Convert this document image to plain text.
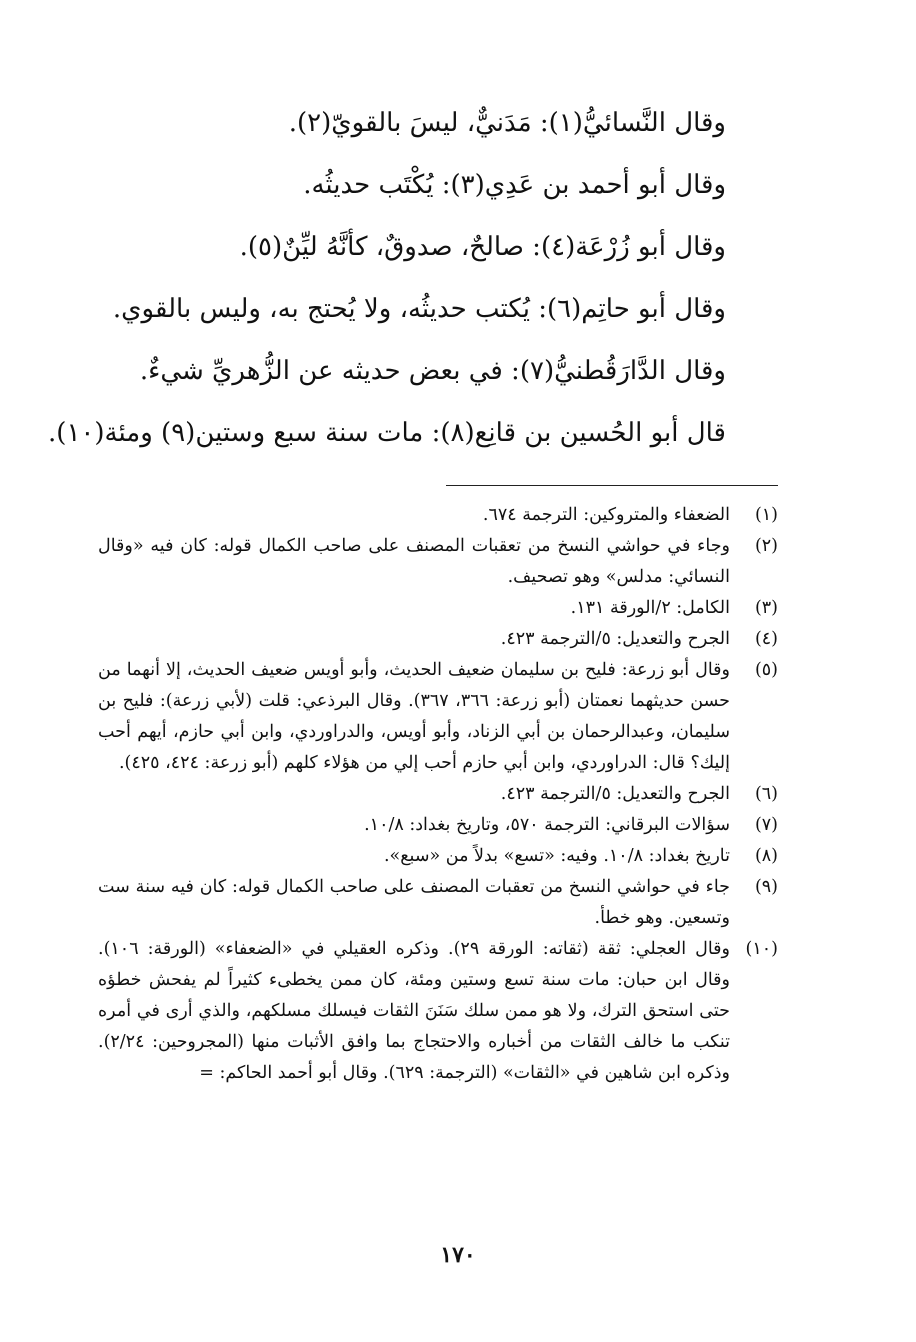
وقال النَّسائيُّ‏(١)‏: مَدَنيٌّ، ليسَ بالقويّ‏(٢)‏.

وقال أبو أحمد بن عَدِي‏(٣)‏: يُكْتَب حديثُه.

وقال أبو زُرْعَة‏(٤)‏: صالحٌ، صدوقٌ، كأنَّهُ ليِّنٌ‏(٥)‏.

وقال أبو حاتِم‏(٦)‏: يُكتب حديثُه، ولا يُحتج به، وليس بالقوي.

وقال الدَّارَقُطنيُّ‏(٧)‏: في بعض حديثه عن الزُّهريِّ شيءٌ.

قال أبو الحُسين بن قانِع‏(٨)‏: مات سنة سبع وستين‏(٩)‏ ومئة‏(١٠)‏.

(١)
الضعفاء والمتروكين: الترجمة ٦٧٤.
(٢)
وجاء في حواشي النسخ من تعقبات المصنف على صاحب الكمال قوله: كان فيه «وقال النسائي: مدلس» وهو تصحيف.
(٣)
الكامل: ٢/الورقة ١٣١.
(٤)
الجرح والتعديل: ٥/الترجمة ٤٢٣.
(٥)
وقال أبو زرعة: فليح بن سليمان ضعيف الحديث، وأبو أويس ضعيف الحديث، إلا أنهما من حسن حديثهما نعمتان (أبو زرعة: ٣٦٦، ٣٦٧). وقال البرذعي: قلت (لأبي زرعة): فليح بن سليمان، وعبدالرحمان بن أبي الزناد، وأبو أويس، والدراوردي، وابن أبي حازم، أيهم أحب إليك؟ قال: الدراوردي، وابن أبي حازم أحب إلي من هؤلاء كلهم (أبو زرعة: ٤٢٤، ٤٢٥).
(٦)
الجرح والتعديل: ٥/الترجمة ٤٢٣.
(٧)
سؤالات البرقاني: الترجمة ٥٧٠، وتاريخ بغداد: ١٠/٨.
(٨)
تاريخ بغداد: ١٠/٨. وفيه: «تسع» بدلاً من «سبع».
(٩)
جاء في حواشي النسخ من تعقبات المصنف على صاحب الكمال قوله: كان فيه سنة ست وتسعين. وهو خطأ.
(١٠)
وقال العجلي: ثقة (ثقاته: الورقة ٢٩). وذكره العقيلي في «الضعفاء» (الورقة: ١٠٦). وقال ابن حبان: مات سنة تسع وستين ومئة، كان ممن يخطىء كثيراً لم يفحش خطؤه حتى استحق الترك، ولا هو ممن سلك سَنَنَ الثقات فيسلك مسلكهم، والذي أرى في أمره تنكب ما خالف الثقات من أخباره والاحتجاج بما وافق الأثبات منها (المجروحين: ٢/٢٤). وذكره ابن شاهين في «الثقات» (الترجمة: ٦٢٩). وقال أبو أحمد الحاكم: =
١٧٠
